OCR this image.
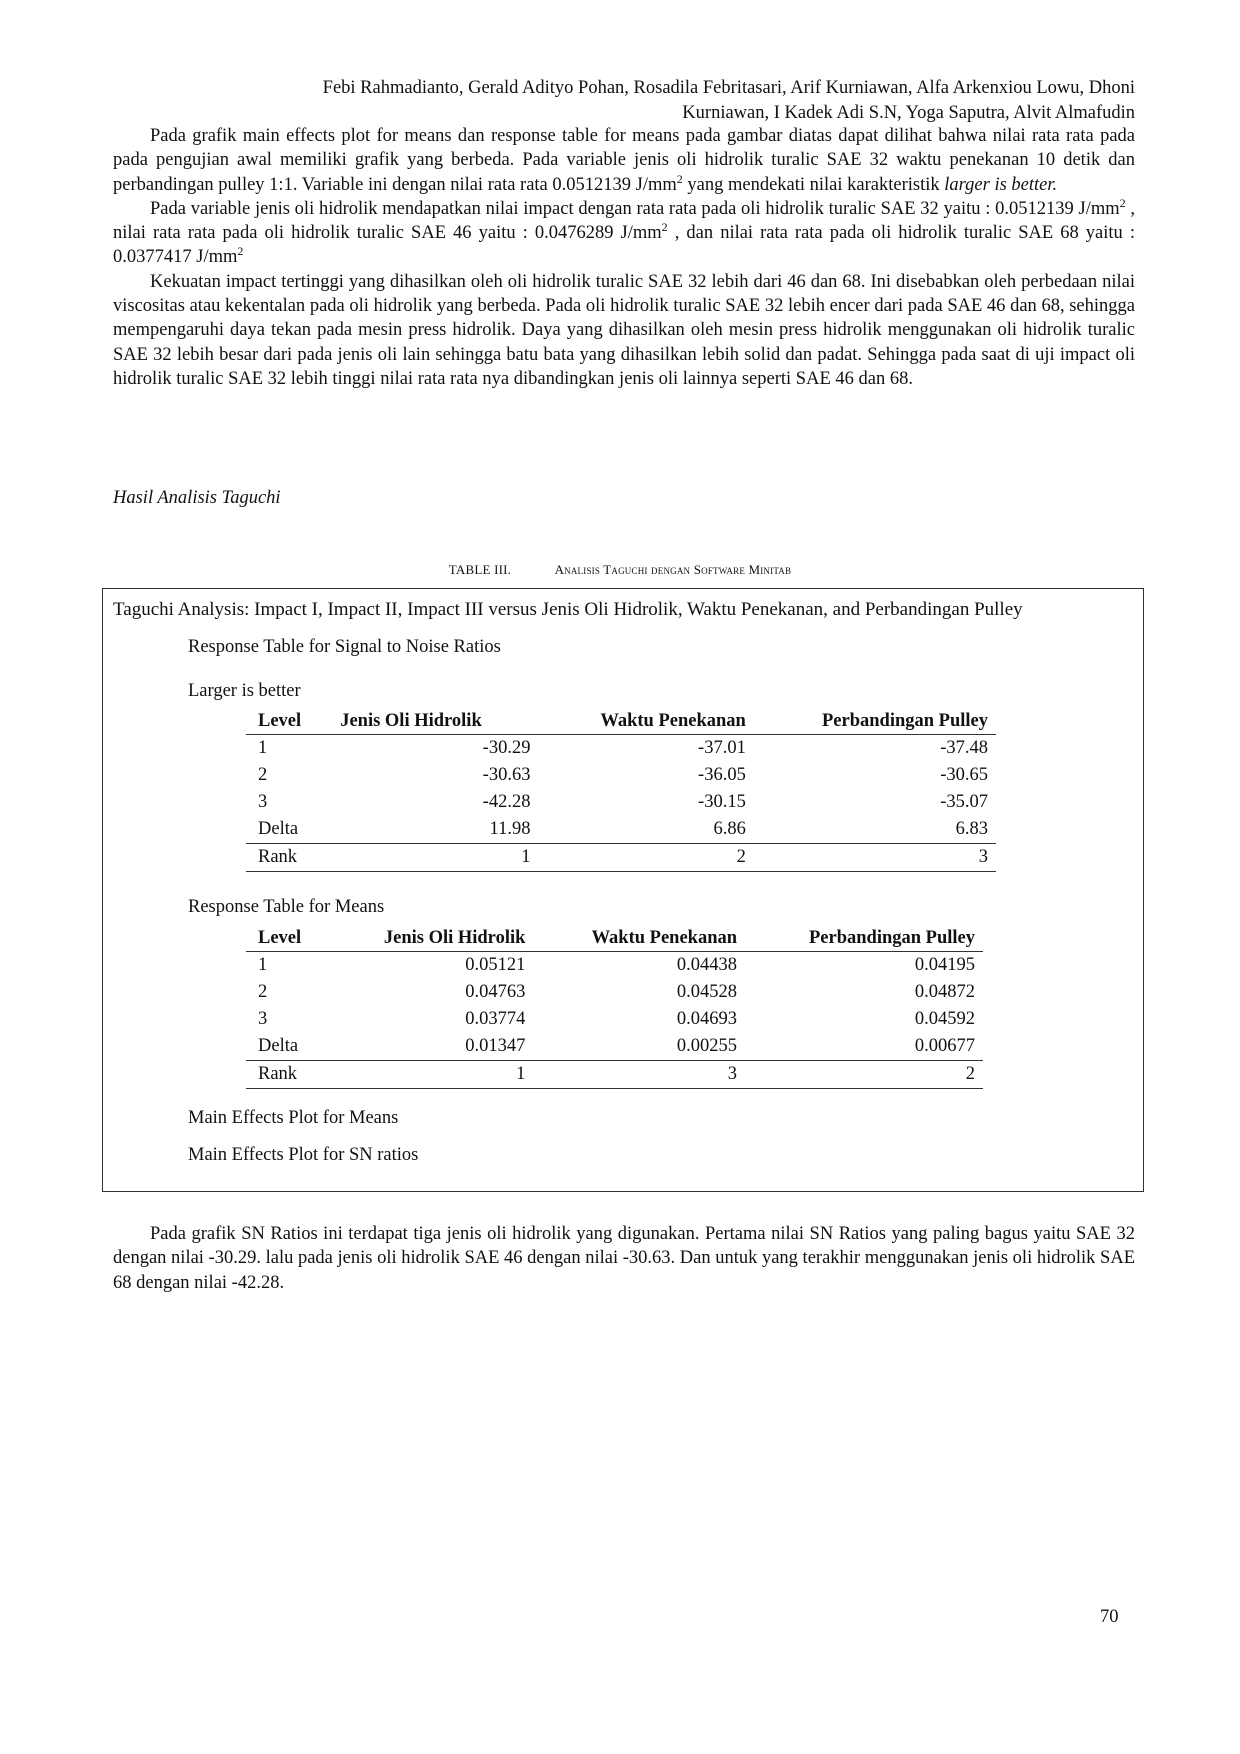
Febi Rahmadianto, Gerald Adityo Pohan, Rosadila Febritasari, Arif Kurniawan, Alfa Arkenxiou Lowu, Dhoni
Kurniawan, I Kadek Adi S.N, Yoga Saputra, Alvit Almafudin

Pada grafik main effects plot for means dan response table for means pada gambar diatas dapat dilihat bahwa nilai rata rata pada pada pengujian awal memiliki grafik yang berbeda. Pada variable jenis oli hidrolik turalic SAE 32 waktu penekanan 10 detik dan perbandingan pulley 1:1. Variable ini dengan nilai rata rata 0.0512139 $J/mm^2$ yang mendekati nilai karakteristik larger is better.

Pada variable jenis oli hidrolik mendapatkan nilai impact dengan rata rata pada oli hidrolik turalic SAE 32 yaitu : 0.0512139 $J/mm^2$ , nilai rata rata pada oli hidrolik turalic SAE 46 yaitu : 0.0476289 $J/mm^2$ , dan nilai rata rata pada oli hidrolik turalic SAE 68 yaitu : 0.0377417 $J/mm^2$

Kekuatan impact tertinggi yang dihasilkan oleh oli hidrolik turalic SAE 32 lebih dari 46 dan 68. Ini disebabkan oleh perbedaan nilai viscositas atau kekentalan pada oli hidrolik yang berbeda. Pada oli hidrolik turalic SAE 32 lebih encer dari pada SAE 46 dan 68, sehingga mempengaruhi daya tekan pada mesin press hidrolik. Daya yang dihasilkan oleh mesin press hidrolik menggunakan oli hidrolik turalic SAE 32 lebih besar dari pada jenis oli lain sehingga batu bata yang dihasilkan lebih solid dan padat. Sehingga pada saat di uji impact oli hidrolik turalic SAE 32 lebih tinggi nilai rata rata nya dibandingkan jenis oli lainnya seperti SAE 46 dan 68.

Hasil Analisis Taguchi
TABLE III.	Analisis Taguchi dengan Software Minitab
Taguchi Analysis: Impact I, Impact II, Impact III versus Jenis Oli Hidrolik, Waktu Penekanan, and Perbandingan Pulley
Response Table for Signal to Noise Ratios
Larger is better
Level	Jenis Oli Hidrolik	Waktu Penekanan	Perbandingan Pulley
1	-30.29	-37.01	-37.48
2	-30.63	-36.05	-30.65
3	-42.28	-30.15	-35.07
Delta	11.98	6.86	6.83
Rank	1	2	3
Response Table for Means
Level	Jenis Oli Hidrolik	Waktu Penekanan	Perbandingan Pulley
1	0.05121	0.04438	0.04195
2	0.04763	0.04528	0.04872
3	0.03774	0.04693	0.04592
Delta	0.01347	0.00255	0.00677
Rank	1	3	2
Main Effects Plot for Means
Main Effects Plot for SN ratios

Pada grafik SN Ratios ini terdapat tiga jenis oli hidrolik yang digunakan. Pertama nilai SN Ratios yang paling bagus yaitu SAE 32 dengan nilai -30.29. lalu pada jenis oli hidrolik SAE 46 dengan nilai -30.63. Dan untuk yang terakhir menggunakan jenis oli hidrolik SAE 68 dengan nilai -42.28.

70
